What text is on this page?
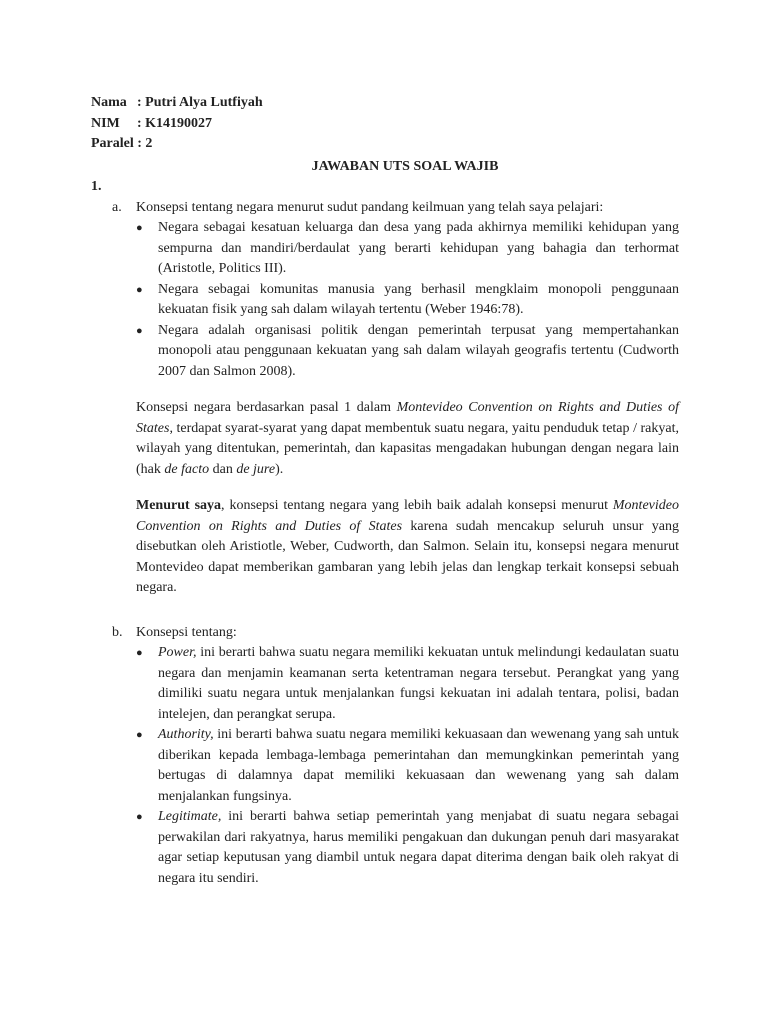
Nama : Putri Alya Lutfiyah
NIM	: K14190027
Paralel : 2
JAWABAN UTS SOAL WAJIB
1.
a. Konsepsi tentang negara menurut sudut pandang keilmuan yang telah saya pelajari:
● Negara sebagai kesatuan keluarga dan desa yang pada akhirnya memiliki kehidupan yang sempurna dan mandiri/berdaulat yang berarti kehidupan yang bahagia dan terhormat (Aristotle, Politics III).
● Negara sebagai komunitas manusia yang berhasil mengklaim monopoli penggunaan kekuatan fisik yang sah dalam wilayah tertentu (Weber 1946:78).
● Negara adalah organisasi politik dengan pemerintah terpusat yang mempertahankan monopoli atau penggunaan kekuatan yang sah dalam wilayah geografis tertentu (Cudworth 2007 dan Salmon 2008).

Konsepsi negara berdasarkan pasal 1 dalam Montevideo Convention on Rights and Duties of States, terdapat syarat-syarat yang dapat membentuk suatu negara, yaitu penduduk tetap / rakyat, wilayah yang ditentukan, pemerintah, dan kapasitas mengadakan hubungan dengan negara lain (hak de facto dan de jure).

Menurut saya, konsepsi tentang negara yang lebih baik adalah konsepsi menurut Montevideo Convention on Rights and Duties of States karena sudah mencakup seluruh unsur yang disebutkan oleh Aristiotle, Weber, Cudworth, dan Salmon. Selain itu, konsepsi negara menurut Montevideo dapat memberikan gambaran yang lebih jelas dan lengkap terkait konsepsi sebuah negara.

b. Konsepsi tentang:
● Power, ini berarti bahwa suatu negara memiliki kekuatan untuk melindungi kedaulatan suatu negara dan menjamin keamanan serta ketentraman negara tersebut. Perangkat yang yang dimiliki suatu negara untuk menjalankan fungsi kekuatan ini adalah tentara, polisi, badan intelejen, dan perangkat serupa.
● Authority, ini berarti bahwa suatu negara memiliki kekuasaan dan wewenang yang sah untuk diberikan kepada lembaga-lembaga pemerintahan dan memungkinkan pemerintah yang bertugas di dalamnya dapat memiliki kekuasaan dan wewenang yang sah dalam menjalankan fungsinya.
● Legitimate, ini berarti bahwa setiap pemerintah yang menjabat di suatu negara sebagai perwakilan dari rakyatnya, harus memiliki pengakuan dan dukungan penuh dari masyarakat agar setiap keputusan yang diambil untuk negara dapat diterima dengan baik oleh rakyat di negara itu sendiri.
